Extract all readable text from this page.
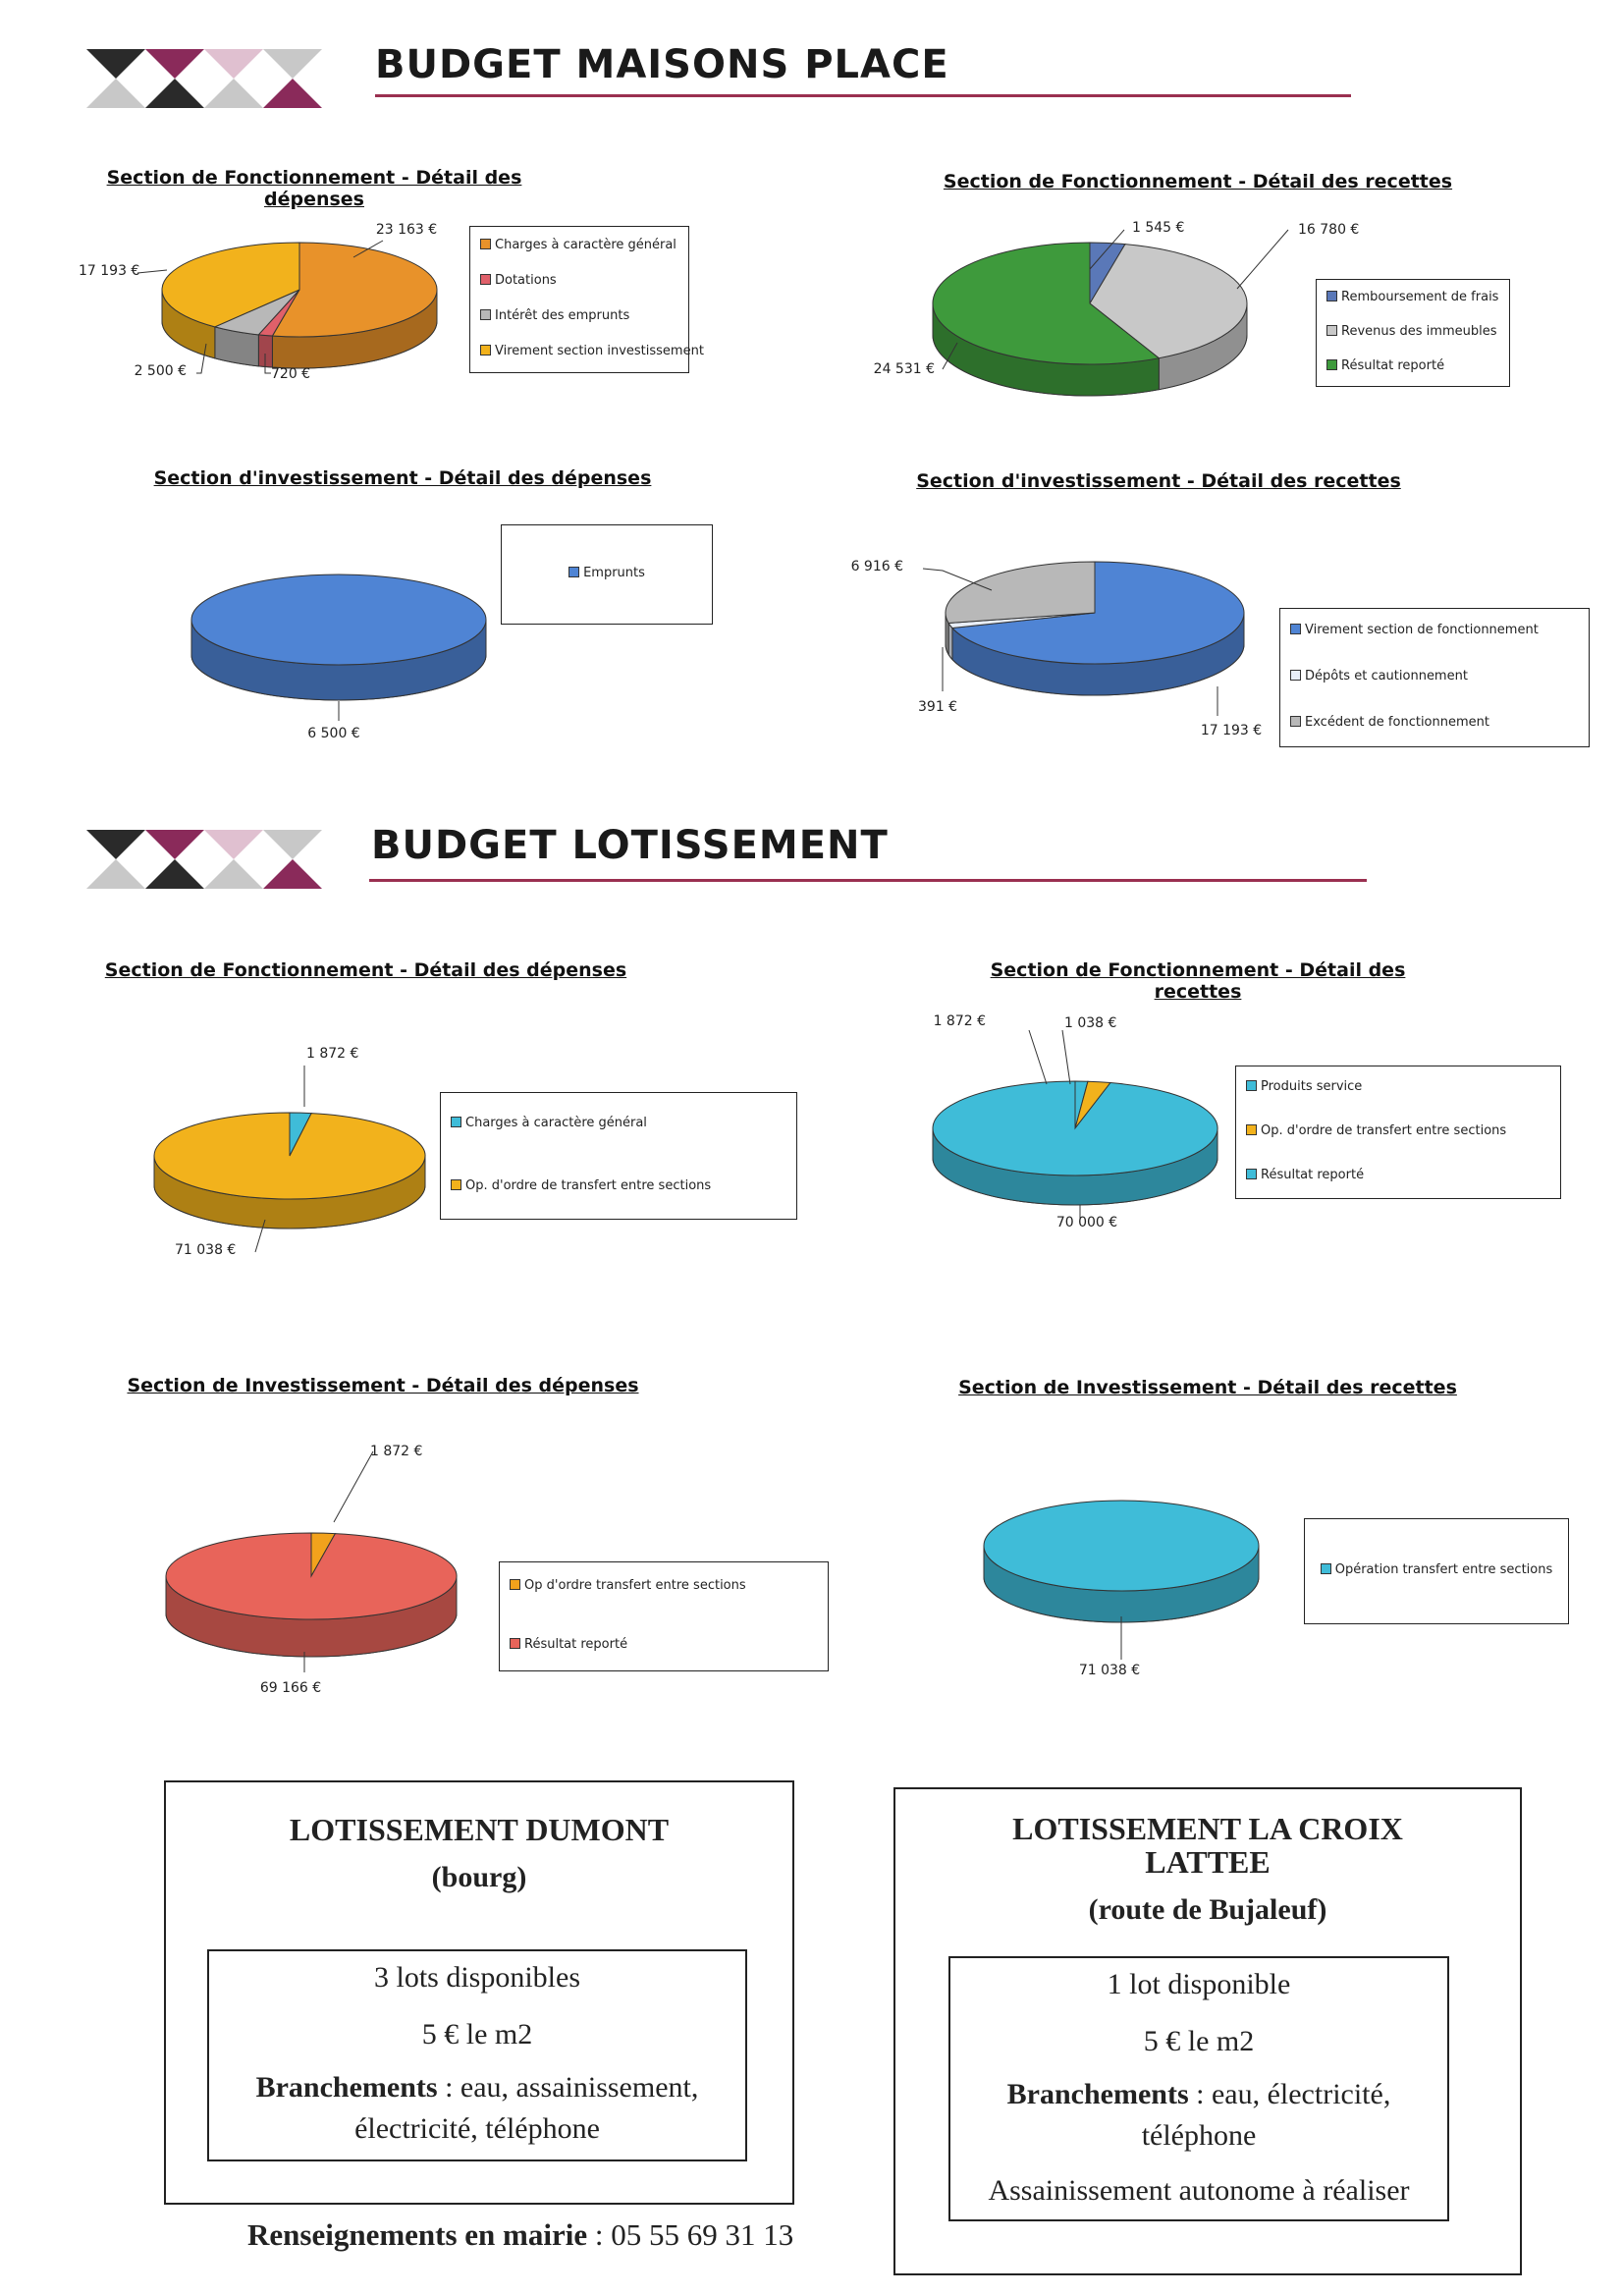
BUDGET MAISONS PLACE
BUDGET LOTISSEMENT
Section de Fonctionnement - Détail des dépenses
23 163 €
720 €
2 500 €
17 193 €
Charges à caractère général
Dotations
Intérêt des emprunts
Virement section investissement
Section de Fonctionnement - Détail des recettes
1 545 €	16 780 €
24 531 €
Remboursement de frais
Revenus des immeubles
Résultat reporté
Section d'investissement - Détail des dépenses
6 500 €
Emprunts
Section d'investissement - Détail des recettes
17 193 €
391 €
6 916 €
Virement section de fonctionnement
Dépôts et cautionnement
Excédent de fonctionnement
Section de Fonctionnement - Détail des dépenses
1 872 €
71 038 €
Charges à caractère général
Op. d'ordre de transfert entre sections
Section de Fonctionnement - Détail des recettes
1 038 €
1 872 €
70 000 €
Produits service
Op. d'ordre de transfert entre sections
Résultat reporté
Section de Investissement - Détail des dépenses
1 872 €
69 166 €
Op d'ordre transfert entre sections
Résultat reporté
Section de Investissement - Détail des recettes
71 038 €
Opération transfert entre sections
LOTISSEMENT DUMONT
(bourg)
3 lots disponibles
5 € le m2
Branchements : eau, assainissement,
électricité, téléphone
LOTISSEMENT LA CROIX
LATTEE
(route de Bujaleuf)
1 lot disponible
5 € le m2
Branchements : eau, électricité,
téléphone
Assainissement autonome à réaliser
Renseignements en mairie : 05 55 69 31 13
